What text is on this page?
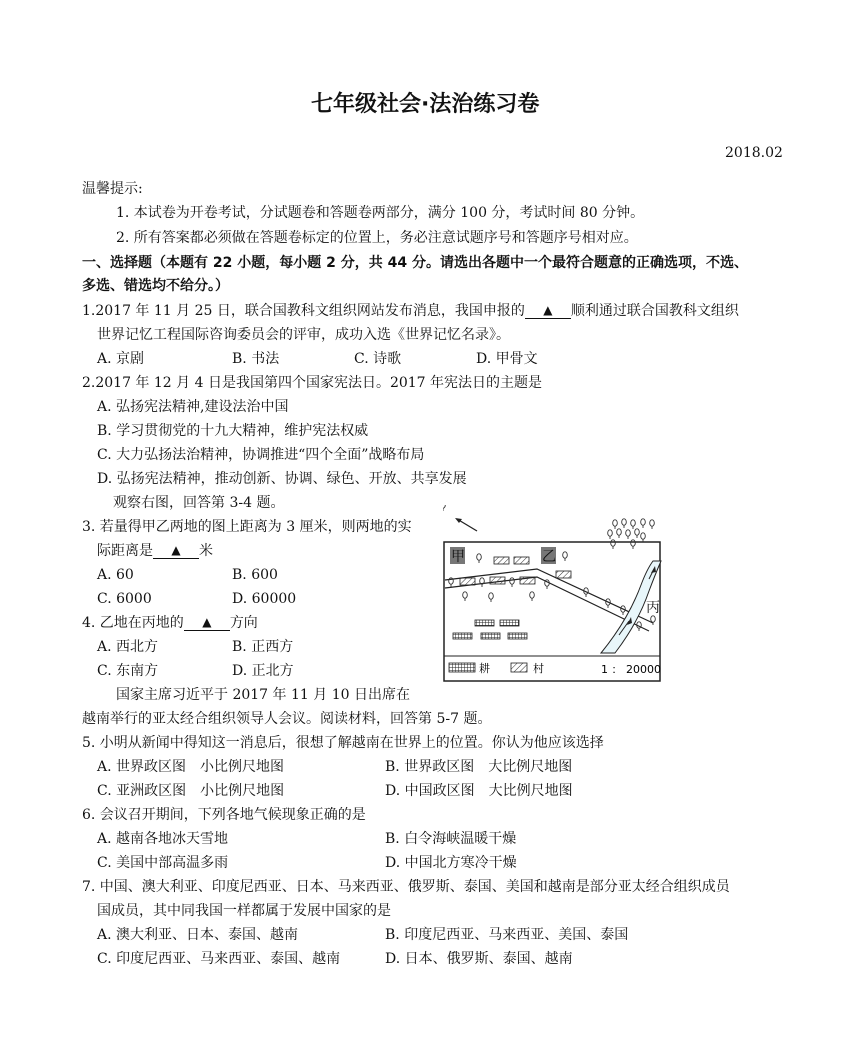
七年级社会·法治练习卷
2018.02
温馨提示:
1. 本试卷为开卷考试，分试题卷和答题卷两部分，满分 100 分，考试时间 80 分钟。
2. 所有答案都必须做在答题卷标定的位置上，务必注意试题序号和答题序号相对应。
一、选择题（本题有 22 小题，每小题 2 分，共 44 分。请选出各题中一个最符合题意的正确选项，不选、
多选、错选均不给分。）
1.2017 年 11 月 25 日，联合国教科文组织网站发布消息，我国申报的 ▲ 顺利通过联合国教科文组织
世界记忆工程国际咨询委员会的评审，成功入选《世界记忆名录》。
A. 京剧	B. 书法	C. 诗歌	D. 甲骨文
2.2017 年 12 月 4 日是我国第四个国家宪法日。2017 年宪法日的主题是
A. 弘扬宪法精神,建设法治中国
B. 学习贯彻党的十九大精神，维护宪法权威
C. 大力弘扬法治精神，协调推进“四个全面”战略布局
D. 弘扬宪法精神，推动创新、协调、绿色、开放、共享发展
观察右图，回答第 3-4 题。
3. 若量得甲乙两地的图上距离为 3 厘米，则两地的实
际距离是 ▲ 米
A. 60	B. 600
C. 6000	D. 60000
4. 乙地在丙地的 ▲ 方向
A. 西北方	B. 正西方
C. 东南方	D. 正北方
甲	乙
丙
耕	村	1 ： 20000
国家主席习近平于 2017 年 11 月 10 日出席在
越南举行的亚太经合组织领导人会议。阅读材料，回答第 5-7 题。
5. 小明从新闻中得知这一消息后，很想了解越南在世界上的位置。你认为他应该选择
A. 世界政区图　小比例尺地图	B. 世界政区图　大比例尺地图
C. 亚洲政区图　小比例尺地图	D. 中国政区图　大比例尺地图
6. 会议召开期间，下列各地气候现象正确的是
A. 越南各地冰天雪地	B. 白令海峡温暖干燥
C. 美国中部高温多雨	D. 中国北方寒冷干燥
7. 中国、澳大利亚、印度尼西亚、日本、马来西亚、俄罗斯、泰国、美国和越南是部分亚太经合组织成员
国成员，其中同我国一样都属于发展中国家的是
A. 澳大利亚、日本、泰国、越南	B. 印度尼西亚、马来西亚、美国、泰国
C. 印度尼西亚、马来西亚、泰国、越南	D. 日本、俄罗斯、泰国、越南
